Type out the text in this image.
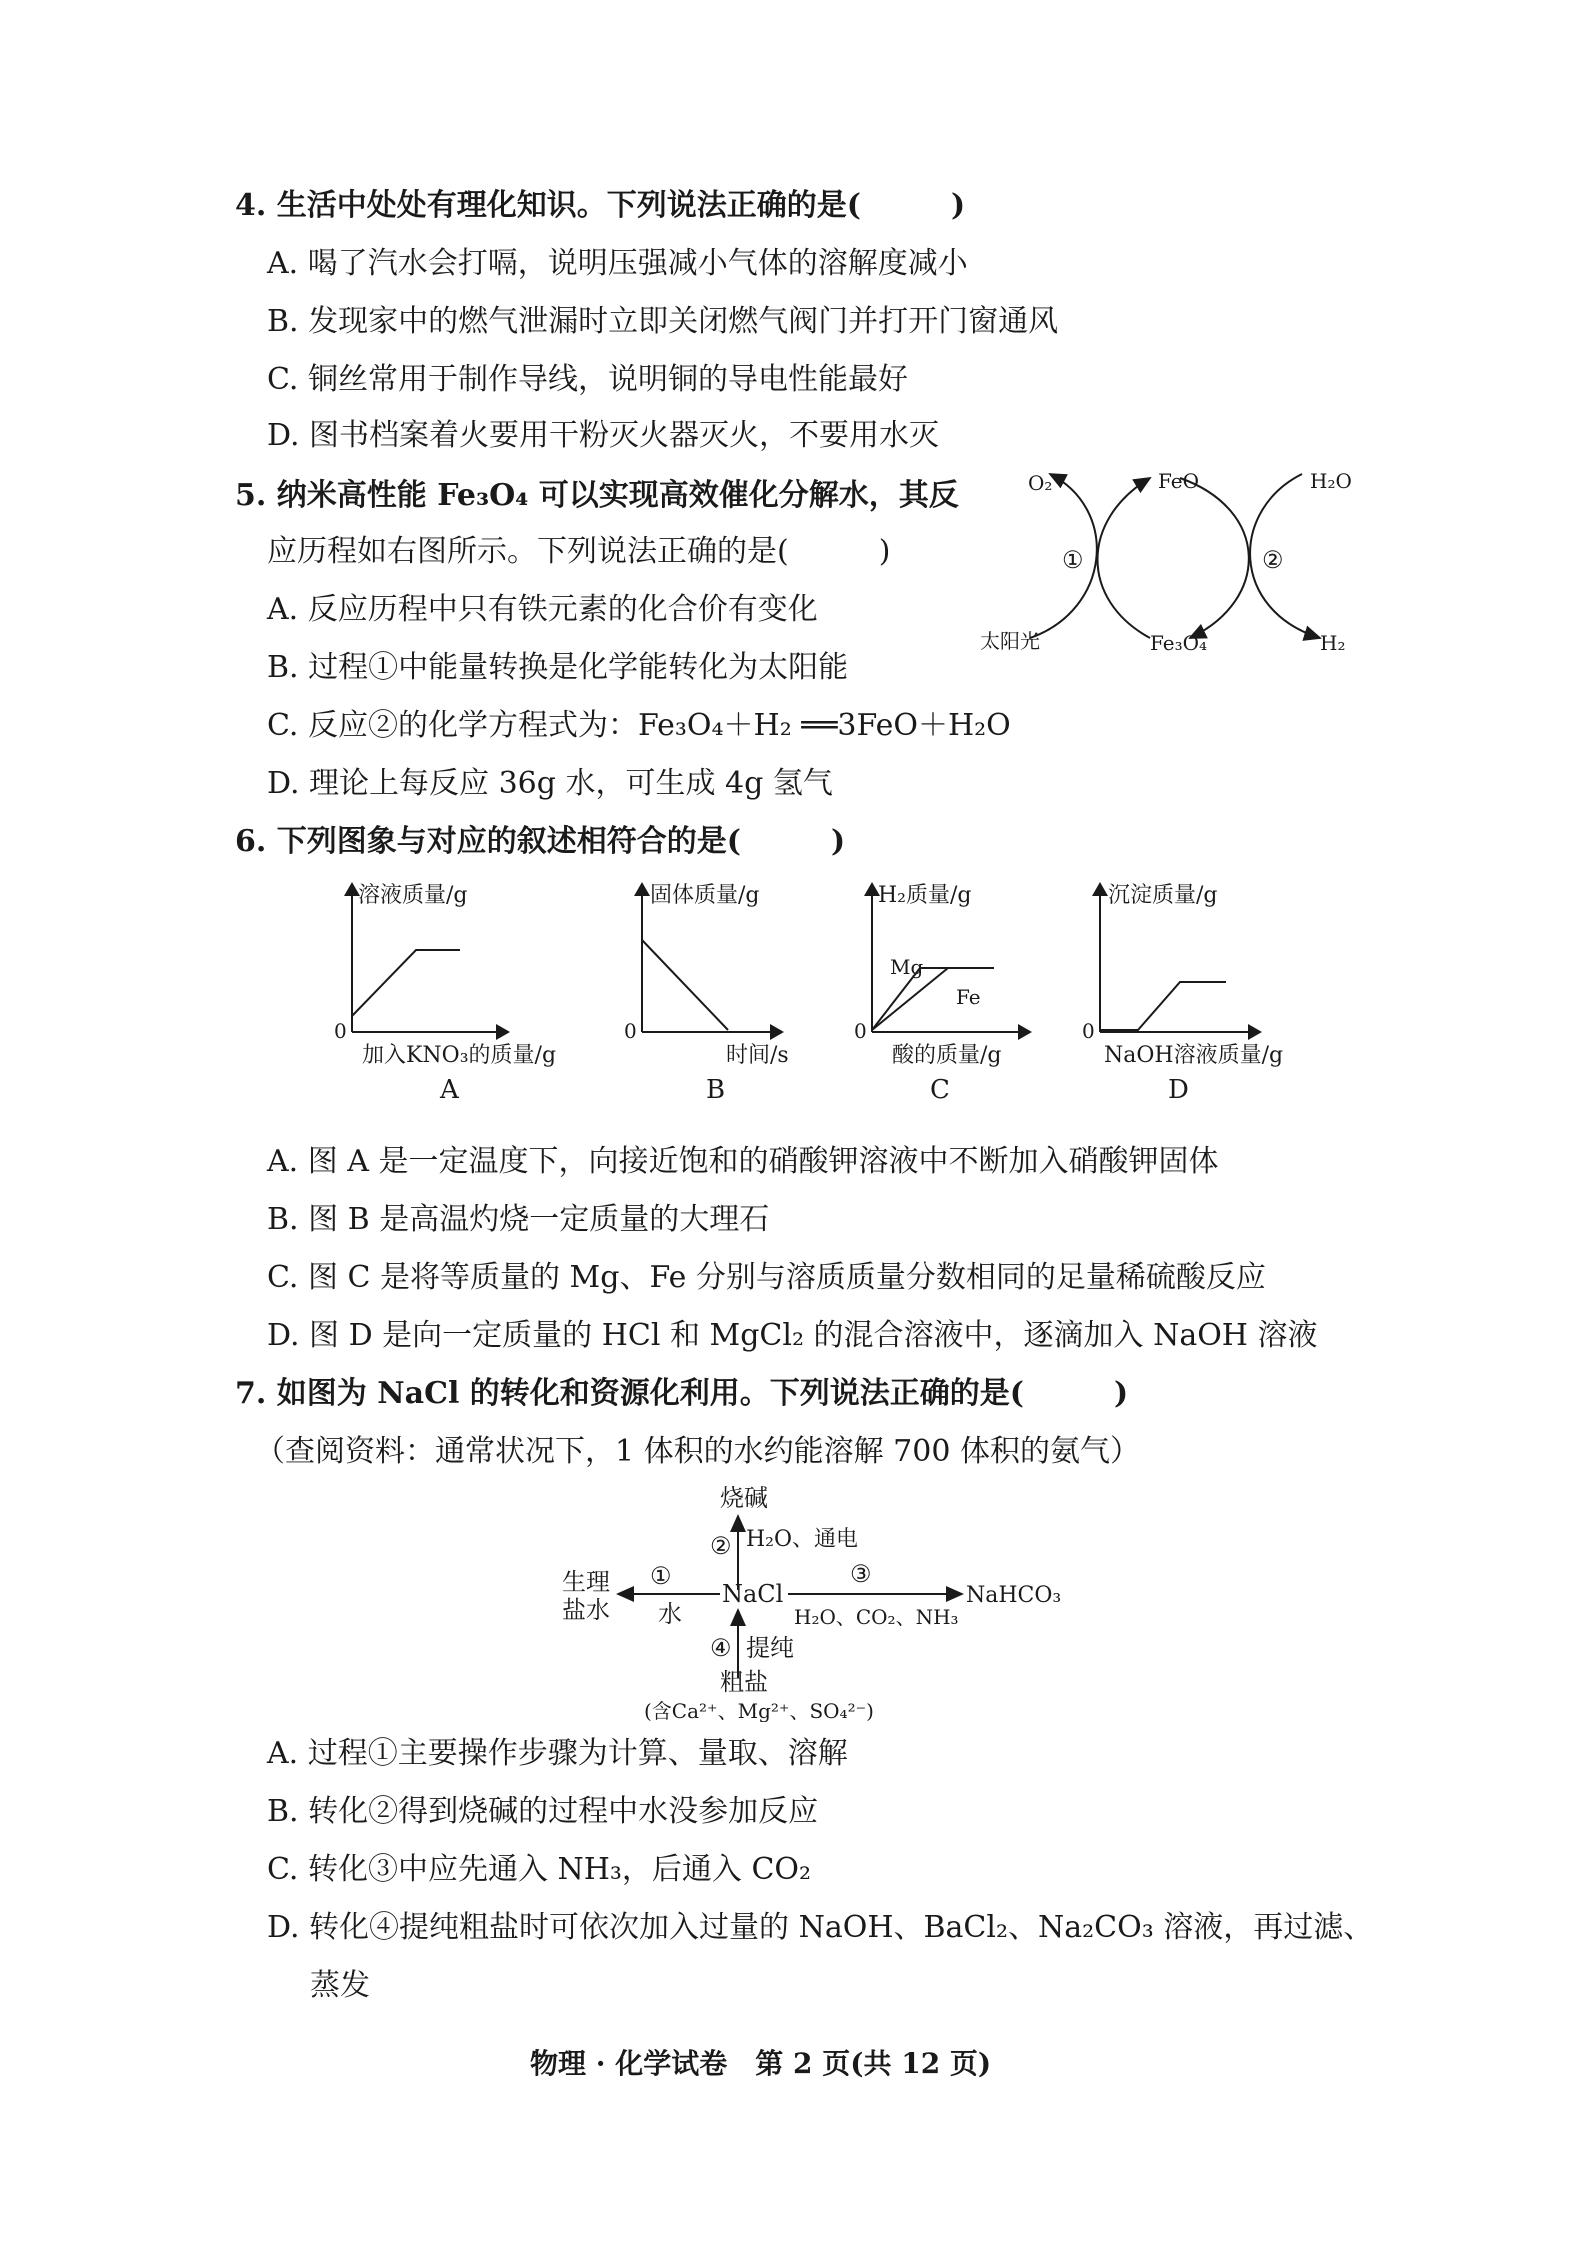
4. 生活中处处有理化知识。下列说法正确的是(　　　)
A. 喝了汽水会打嗝，说明压强减小气体的溶解度减小
B. 发现家中的燃气泄漏时立即关闭燃气阀门并打开门窗通风
C. 铜丝常用于制作导线，说明铜的导电性能最好
D. 图书档案着火要用干粉灭火器灭火，不要用水灭
5. 纳米高性能 Fe₃O₄ 可以实现高效催化分解水，其反
应历程如右图所示。下列说法正确的是(　　　)
A. 反应历程中只有铁元素的化合价有变化
B. 过程①中能量转换是化学能转化为太阳能
C. 反应②的化学方程式为：Fe₃O₄＋H₂ ══3FeO＋H₂O
D. 理论上每反应 36g 水，可生成 4g 氢气
O₂	FeO	H₂O
①	②
太阳光	Fe₃O₄	H₂
6. 下列图象与对应的叙述相符合的是(　　　)
溶液质量/g
0
加入KNO₃的质量/g
A
固体质量/g
0
时间/s
B
H₂质量/g
Mg
Fe
0
酸的质量/g
C
沉淀质量/g
0
NaOH溶液质量/g
D
A. 图 A 是一定温度下，向接近饱和的硝酸钾溶液中不断加入硝酸钾固体
B. 图 B 是高温灼烧一定质量的大理石
C. 图 C 是将等质量的 Mg、Fe 分别与溶质质量分数相同的足量稀硫酸反应
D. 图 D 是向一定质量的 HCl 和 MgCl₂ 的混合溶液中，逐滴加入 NaOH 溶液
7. 如图为 NaCl 的转化和资源化利用。下列说法正确的是(　　　)
（查阅资料：通常状况下，1 体积的水约能溶解 700 体积的氨气）
烧碱
② H₂O、通电
生理
盐水
①
水
NaCl
③
H₂O、CO₂、NH₃
NaHCO₃
④ 提纯
粗盐
(含Ca²⁺、Mg²⁺、SO₄²⁻)
A. 过程①主要操作步骤为计算、量取、溶解
B. 转化②得到烧碱的过程中水没参加反应
C. 转化③中应先通入 NH₃，后通入 CO₂
D. 转化④提纯粗盐时可依次加入过量的 NaOH、BaCl₂、Na₂CO₃ 溶液，再过滤、
蒸发
物理 · 化学试卷　第 2 页(共 12 页)
